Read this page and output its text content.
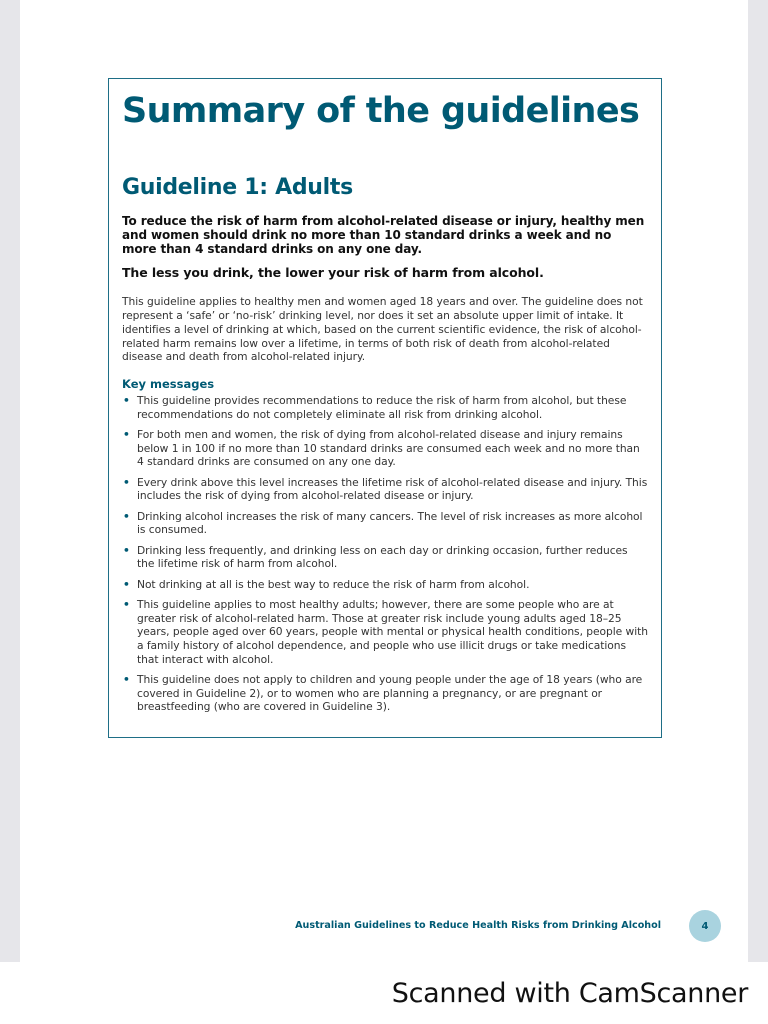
Summary of the guidelines
Guideline 1: Adults

To reduce the risk of harm from alcohol-related disease or injury, healthy men and women should drink no more than 10 standard drinks a week and no more than 4 standard drinks on any one day.

The less you drink, the lower your risk of harm from alcohol.

This guideline applies to healthy men and women aged 18 years and over. The guideline does not represent a ‘safe’ or ‘no-risk’ drinking level, nor does it set an absolute upper limit of intake. It identifies a level of drinking at which, based on the current scientific evidence, the risk of alcohol-related harm remains low over a lifetime, in terms of both risk of death from alcohol-related disease and death from alcohol-related injury.

Key messages
• This guideline provides recommendations to reduce the risk of harm from alcohol, but these recommendations do not completely eliminate all risk from drinking alcohol.
• For both men and women, the risk of dying from alcohol-related disease and injury remains below 1 in 100 if no more than 10 standard drinks are consumed each week and no more than 4 standard drinks are consumed on any one day.
• Every drink above this level increases the lifetime risk of alcohol-related disease and injury. This includes the risk of dying from alcohol-related disease or injury.
• Drinking alcohol increases the risk of many cancers. The level of risk increases as more alcohol is consumed.
• Drinking less frequently, and drinking less on each day or drinking occasion, further reduces the lifetime risk of harm from alcohol.
• Not drinking at all is the best way to reduce the risk of harm from alcohol.
• This guideline applies to most healthy adults; however, there are some people who are at greater risk of alcohol-related harm. Those at greater risk include young adults aged 18–25 years, people aged over 60 years, people with mental or physical health conditions, people with a family history of alcohol dependence, and people who use illicit drugs or take medications that interact with alcohol.
• This guideline does not apply to children and young people under the age of 18 years (who are covered in Guideline 2), or to women who are planning a pregnancy, or are pregnant or breastfeeding (who are covered in Guideline 3).
Australian Guidelines to Reduce Health Risks from Drinking Alcohol	4
Scanned with CamScanner
